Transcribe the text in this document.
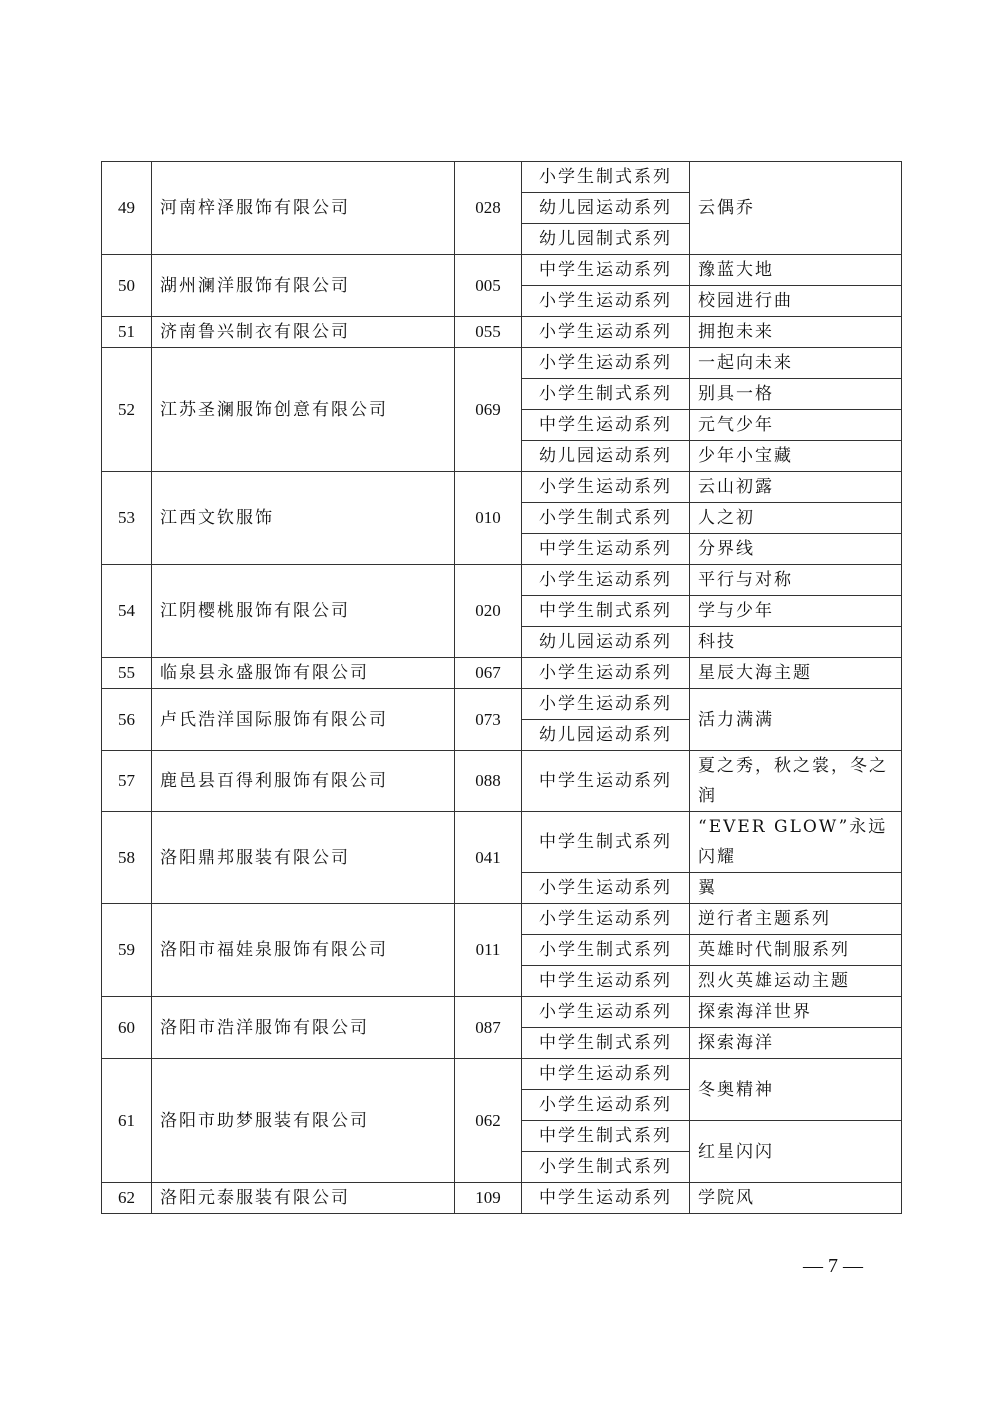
49	河南梓泽服饰有限公司	028	小学生制式系列	云偶乔
			幼儿园运动系列	
			幼儿园制式系列	
50	湖州澜洋服饰有限公司	005	中学生运动系列	豫蓝大地
			小学生运动系列	校园进行曲
51	济南鲁兴制衣有限公司	055	小学生运动系列	拥抱未来
52	江苏圣澜服饰创意有限公司	069	小学生运动系列	一起向未来
			小学生制式系列	别具一格
			中学生运动系列	元气少年
			幼儿园运动系列	少年小宝藏
53	江西文钦服饰	010	小学生运动系列	云山初露
			小学生制式系列	人之初
			中学生运动系列	分界线
54	江阴樱桃服饰有限公司	020	小学生运动系列	平行与对称
			中学生制式系列	学与少年
			幼儿园运动系列	科技
55	临泉县永盛服饰有限公司	067	小学生运动系列	星辰大海主题
56	卢氏浩洋国际服饰有限公司	073	小学生运动系列	活力满满
			幼儿园运动系列	
57	鹿邑县百得利服饰有限公司	088	中学生运动系列	夏之秀，秋之裳，冬之润
58	洛阳鼎邦服装有限公司	041	中学生制式系列	“EVER GLOW”永远闪耀
			小学生运动系列	翼
59	洛阳市福娃泉服饰有限公司	011	小学生运动系列	逆行者主题系列
			小学生制式系列	英雄时代制服系列
			中学生运动系列	烈火英雄运动主题
60	洛阳市浩洋服饰有限公司	087	小学生运动系列	探索海洋世界
			中学生制式系列	探索海洋
61	洛阳市助梦服装有限公司	062	中学生运动系列	冬奥精神
			小学生运动系列	
			中学生制式系列	红星闪闪
			小学生制式系列	
62	洛阳元泰服装有限公司	109	中学生运动系列	学院风
— 7 —
